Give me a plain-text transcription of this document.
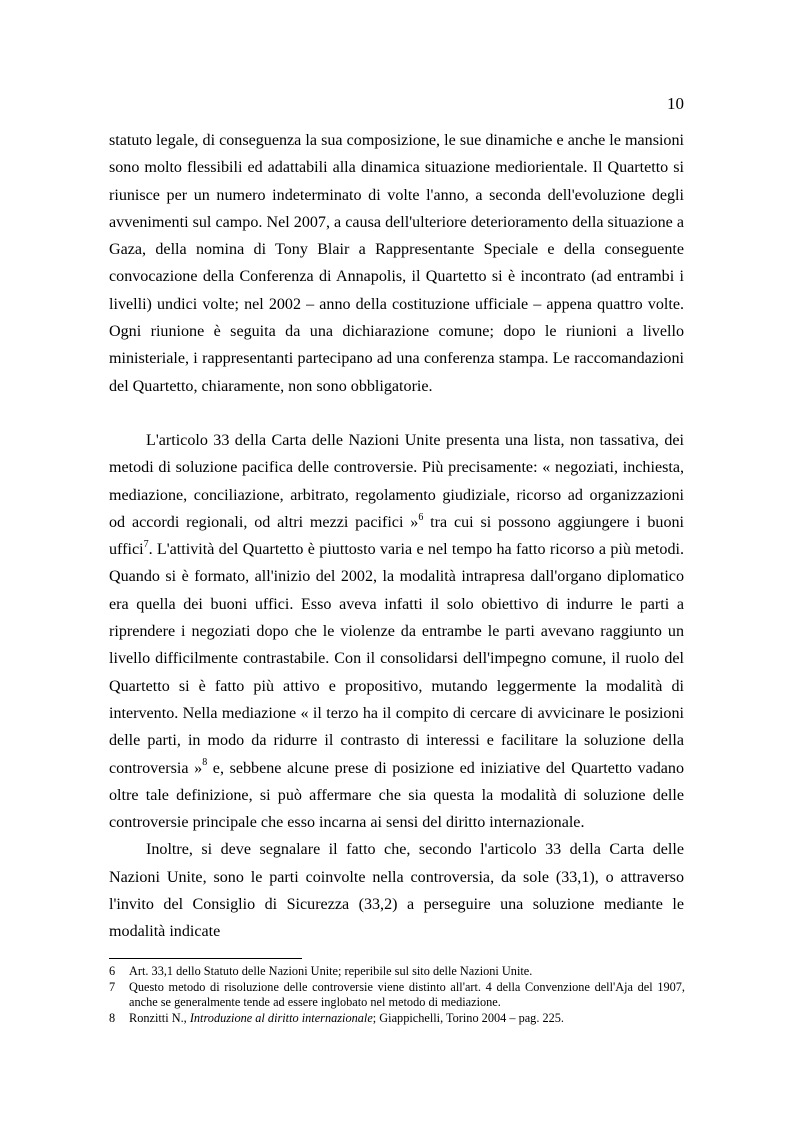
10

statuto legale, di conseguenza la sua composizione, le sue dinamiche e anche le mansioni sono molto flessibili ed adattabili alla dinamica situazione mediorientale. Il Quartetto si riunisce per un numero indeterminato di volte l'anno, a seconda dell'evoluzione degli avvenimenti sul campo. Nel 2007, a causa dell'ulteriore deterioramento della situazione a Gaza, della nomina di Tony Blair a Rappresentante Speciale e della conseguente convocazione della Conferenza di Annapolis, il Quartetto si è incontrato (ad entrambi i livelli) undici volte; nel 2002 – anno della costituzione ufficiale – appena quattro volte. Ogni riunione è seguita da una dichiarazione comune; dopo le riunioni a livello ministeriale, i rappresentanti partecipano ad una conferenza stampa. Le raccomandazioni del Quartetto, chiaramente, non sono obbligatorie.

L'articolo 33 della Carta delle Nazioni Unite presenta una lista, non tassativa, dei metodi di soluzione pacifica delle controversie. Più precisamente: « negoziati, inchiesta, mediazione, conciliazione, arbitrato, regolamento giudiziale, ricorso ad organizzazioni od accordi regionali, od altri mezzi pacifici »$^6$ tra cui si possono aggiungere i buoni uffici$^7$. L'attività del Quartetto è piuttosto varia e nel tempo ha fatto ricorso a più metodi. Quando si è formato, all'inizio del 2002, la modalità intrapresa dall'organo diplomatico era quella dei buoni uffici. Esso aveva infatti il solo obiettivo di indurre le parti a riprendere i negoziati dopo che le violenze da entrambe le parti avevano raggiunto un livello difficilmente contrastabile. Con il consolidarsi dell'impegno comune, il ruolo del Quartetto si è fatto più attivo e propositivo, mutando leggermente la modalità di intervento. Nella mediazione « il terzo ha il compito di cercare di avvicinare le posizioni delle parti, in modo da ridurre il contrasto di interessi e facilitare la soluzione della controversia »$^8$ e, sebbene alcune prese di posizione ed iniziative del Quartetto vadano oltre tale definizione, si può affermare che sia questa la modalità di soluzione delle controversie principale che esso incarna ai sensi del diritto internazionale.

Inoltre, si deve segnalare il fatto che, secondo l'articolo 33 della Carta delle Nazioni Unite, sono le parti coinvolte nella controversia, da sole (33,1), o attraverso l'invito del Consiglio di Sicurezza (33,2) a perseguire una soluzione mediante le modalità indicate

6	Art. 33,1 dello Statuto delle Nazioni Unite; reperibile sul sito delle Nazioni Unite.
7	Questo metodo di risoluzione delle controversie viene distinto all'art. 4 della Convenzione dell'Aja del 1907, anche se generalmente tende ad essere inglobato nel metodo di mediazione.
8	Ronzitti N., Introduzione al diritto internazionale; Giappichelli, Torino 2004 – pag. 225.
